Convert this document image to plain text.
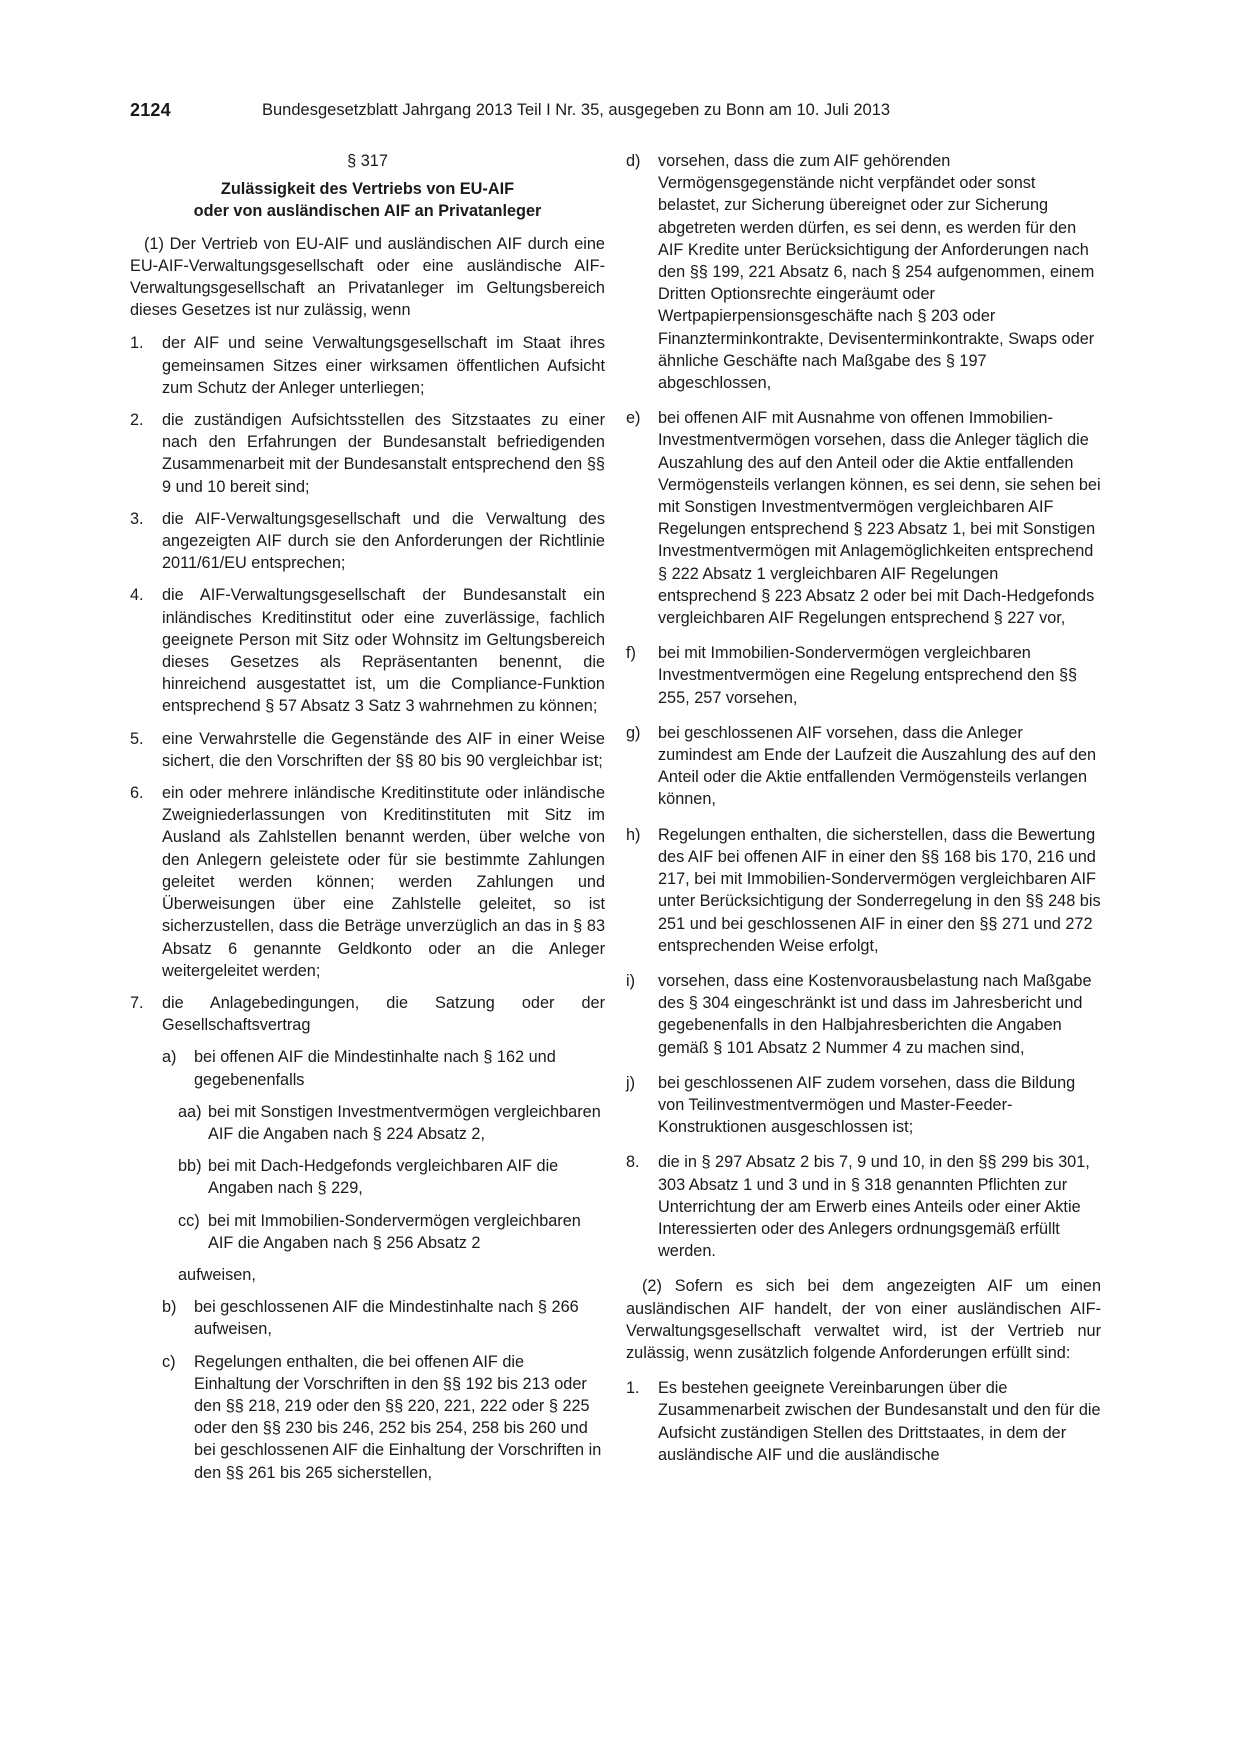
2124	Bundesgesetzblatt Jahrgang 2013 Teil I Nr. 35, ausgegeben zu Bonn am 10. Juli 2013

§ 317

Zulässigkeit des Vertriebs von EU-AIF
oder von ausländischen AIF an Privatanleger

(1) Der Vertrieb von EU-AIF und ausländischen AIF durch eine EU-AIF-Verwaltungsgesellschaft oder eine ausländische AIF-Verwaltungsgesellschaft an Privatanleger im Geltungsbereich dieses Gesetzes ist nur zulässig, wenn

1. der AIF und seine Verwaltungsgesellschaft im Staat ihres gemeinsamen Sitzes einer wirksamen öffentlichen Aufsicht zum Schutz der Anleger unterliegen;
2. die zuständigen Aufsichtsstellen des Sitzstaates zu einer nach den Erfahrungen der Bundesanstalt befriedigenden Zusammenarbeit mit der Bundesanstalt entsprechend den §§ 9 und 10 bereit sind;
3. die AIF-Verwaltungsgesellschaft und die Verwaltung des angezeigten AIF durch sie den Anforderungen der Richtlinie 2011/61/EU entsprechen;
4. die AIF-Verwaltungsgesellschaft der Bundesanstalt ein inländisches Kreditinstitut oder eine zuverlässige, fachlich geeignete Person mit Sitz oder Wohnsitz im Geltungsbereich dieses Gesetzes als Repräsentanten benennt, die hinreichend ausgestattet ist, um die Compliance-Funktion entsprechend § 57 Absatz 3 Satz 3 wahrnehmen zu können;
5. eine Verwahrstelle die Gegenstände des AIF in einer Weise sichert, die den Vorschriften der §§ 80 bis 90 vergleichbar ist;
6. ein oder mehrere inländische Kreditinstitute oder inländische Zweigniederlassungen von Kreditinstituten mit Sitz im Ausland als Zahlstellen benannt werden, über welche von den Anlegern geleistete oder für sie bestimmte Zahlungen geleitet werden können; werden Zahlungen und Überweisungen über eine Zahlstelle geleitet, so ist sicherzustellen, dass die Beträge unverzüglich an das in § 83 Absatz 6 genannte Geldkonto oder an die Anleger weitergeleitet werden;
7. die Anlagebedingungen, die Satzung oder der Gesellschaftsvertrag
a) bei offenen AIF die Mindestinhalte nach § 162 und gegebenenfalls
aa) bei mit Sonstigen Investmentvermögen vergleichbaren AIF die Angaben nach § 224 Absatz 2,
bb) bei mit Dach-Hedgefonds vergleichbaren AIF die Angaben nach § 229,
cc) bei mit Immobilien-Sondervermögen vergleichbaren AIF die Angaben nach § 256 Absatz 2

aufweisen,

b) bei geschlossenen AIF die Mindestinhalte nach § 266 aufweisen,
c) Regelungen enthalten, die bei offenen AIF die Einhaltung der Vorschriften in den §§ 192 bis 213 oder den §§ 218, 219 oder den §§ 220, 221, 222 oder § 225 oder den §§ 230 bis 246, 252 bis 254, 258 bis 260 und bei geschlossenen AIF die Einhaltung der Vorschriften in den §§ 261 bis 265 sicherstellen,
d) vorsehen, dass die zum AIF gehörenden Vermögensgegenstände nicht verpfändet oder sonst belastet, zur Sicherung übereignet oder zur Sicherung abgetreten werden dürfen, es sei denn, es werden für den AIF Kredite unter Berücksichtigung der Anforderungen nach den §§ 199, 221 Absatz 6, nach § 254 aufgenommen, einem Dritten Optionsrechte eingeräumt oder Wertpapierpensionsgeschäfte nach § 203 oder Finanzterminkontrakte, Devisenterminkontrakte, Swaps oder ähnliche Geschäfte nach Maßgabe des § 197 abgeschlossen,
e) bei offenen AIF mit Ausnahme von offenen Immobilien-Investmentvermögen vorsehen, dass die Anleger täglich die Auszahlung des auf den Anteil oder die Aktie entfallenden Vermögensteils verlangen können, es sei denn, sie sehen bei mit Sonstigen Investmentvermögen vergleichbaren AIF Regelungen entsprechend § 223 Absatz 1, bei mit Sonstigen Investmentvermögen mit Anlagemöglichkeiten entsprechend § 222 Absatz 1 vergleichbaren AIF Regelungen entsprechend § 223 Absatz 2 oder bei mit Dach-Hedgefonds vergleichbaren AIF Regelungen entsprechend § 227 vor,
f) bei mit Immobilien-Sondervermögen vergleichbaren Investmentvermögen eine Regelung entsprechend den §§ 255, 257 vorsehen,
g) bei geschlossenen AIF vorsehen, dass die Anleger zumindest am Ende der Laufzeit die Auszahlung des auf den Anteil oder die Aktie entfallenden Vermögensteils verlangen können,
h) Regelungen enthalten, die sicherstellen, dass die Bewertung des AIF bei offenen AIF in einer den §§ 168 bis 170, 216 und 217, bei mit Immobilien-Sondervermögen vergleichbaren AIF unter Berücksichtigung der Sonderregelung in den §§ 248 bis 251 und bei geschlossenen AIF in einer den §§ 271 und 272 entsprechenden Weise erfolgt,
i) vorsehen, dass eine Kostenvorausbelastung nach Maßgabe des § 304 eingeschränkt ist und dass im Jahresbericht und gegebenenfalls in den Halbjahresberichten die Angaben gemäß § 101 Absatz 2 Nummer 4 zu machen sind,
j) bei geschlossenen AIF zudem vorsehen, dass die Bildung von Teilinvestmentvermögen und Master-Feeder-Konstruktionen ausgeschlossen ist;
8. die in § 297 Absatz 2 bis 7, 9 und 10, in den §§ 299 bis 301, 303 Absatz 1 und 3 und in § 318 genannten Pflichten zur Unterrichtung der am Erwerb eines Anteils oder einer Aktie Interessierten oder des Anlegers ordnungsgemäß erfüllt werden.

(2) Sofern es sich bei dem angezeigten AIF um einen ausländischen AIF handelt, der von einer ausländischen AIF-Verwaltungsgesellschaft verwaltet wird, ist der Vertrieb nur zulässig, wenn zusätzlich folgende Anforderungen erfüllt sind:

1. Es bestehen geeignete Vereinbarungen über die Zusammenarbeit zwischen der Bundesanstalt und den für die Aufsicht zuständigen Stellen des Drittstaates, in dem der ausländische AIF und die ausländische
